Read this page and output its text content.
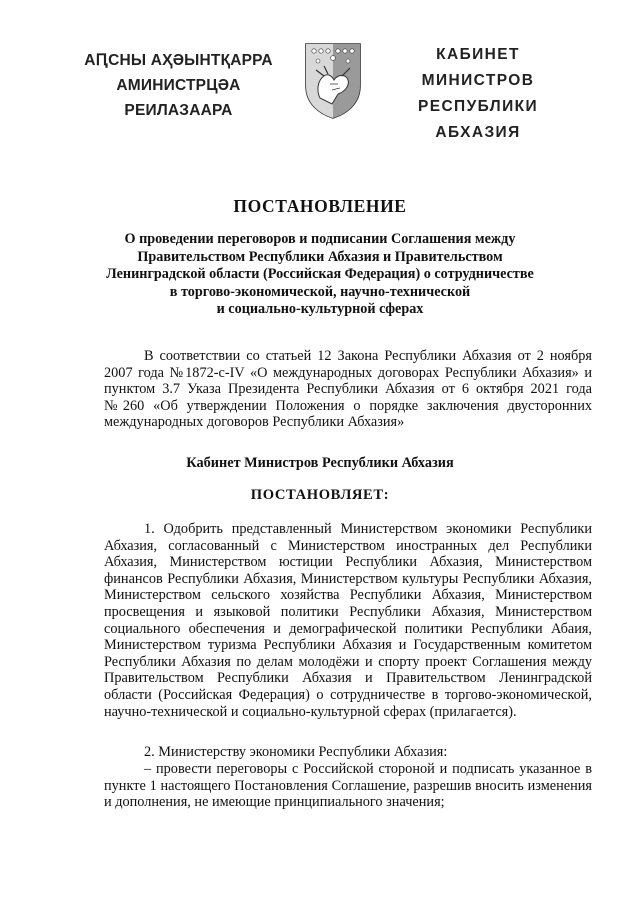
АԤСНЫ АҲӘЫНТҚАРРА
АМИНИСТРЦӘА РЕИЛАЗААРА
КАБИНЕТ МИНИСТРОВ
РЕСПУБЛИКИ АБХАЗИЯ
ПОСТАНОВЛЕНИЕ
О проведении переговоров и подписании Соглашения между
Правительством Республики Абхазия и Правительством
Ленинградской области (Российская Федерация) о сотрудничестве
в торгово-экономической, научно-технической
и социально-культурной сферах
В соответствии со статьей 12 Закона Республики Абхазия от 2 ноября 2007 года №1872-с-IV «О международных договорах Республики Абхазия» и пунктом 3.7 Указа Президента Республики Абхазия от 6 октября 2021 года №260 «Об утверждении Положения о порядке заключения двусторонних международных договоров Республики Абхазия»
Кабинет Министров Республики Абхазия
ПОСТАНОВЛЯЕТ:
1. Одобрить представленный Министерством экономики Республики Абхазия, согласованный с Министерством иностранных дел Республики Абхазия, Министерством юстиции Республики Абхазия, Министерством финансов Республики Абхазия, Министерством культуры Республики Абхазия, Министерством сельского хозяйства Республики Абхазия, Министерством просвещения и языковой политики Республики Абхазия, Министерством социального обеспечения и демографической политики Республики Абаия, Министерством туризма Республики Абхазия и Государственным комитетом Республики Абхазия по делам молодёжи и спорту проект Соглашения между Правительством Республики Абхазия и Правительством Ленинградской области (Российская Федерация) о сотрудничестве в торгово-экономической, научно-технической и социально-культурной сферах (прилагается).
2. Министерству экономики Республики Абхазия:
– провести переговоры с Российской стороной и подписать указанное в пункте 1 настоящего Постановления Соглашение, разрешив вносить изменения и дополнения, не имеющие принципиального значения;
